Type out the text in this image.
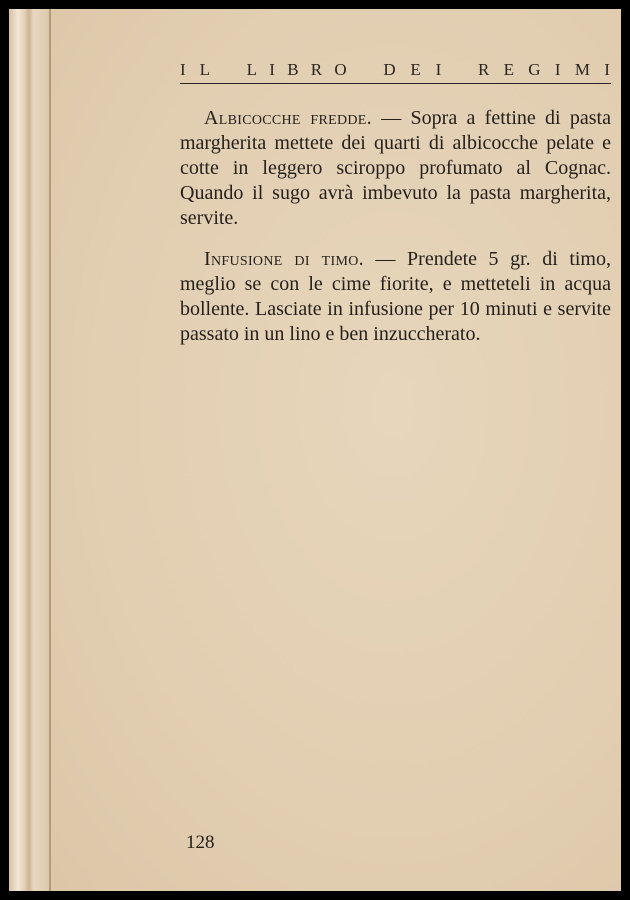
I L L I B R O D E I R E G I M I

Albicocche fredde. — Sopra a fettine di pasta margherita mettete dei quarti di albicocche pelate e cotte in leggero sciroppo profumato al Cognac. Quando il sugo avrà imbevuto la pasta margherita, servite.

Infusione di timo. — Prendete 5 gr. di timo, meglio se con le cime fiorite, e metteteli in acqua bollente. Lasciate in infusione per 10 minuti e servite passato in un lino e ben inzuccherato.

128
